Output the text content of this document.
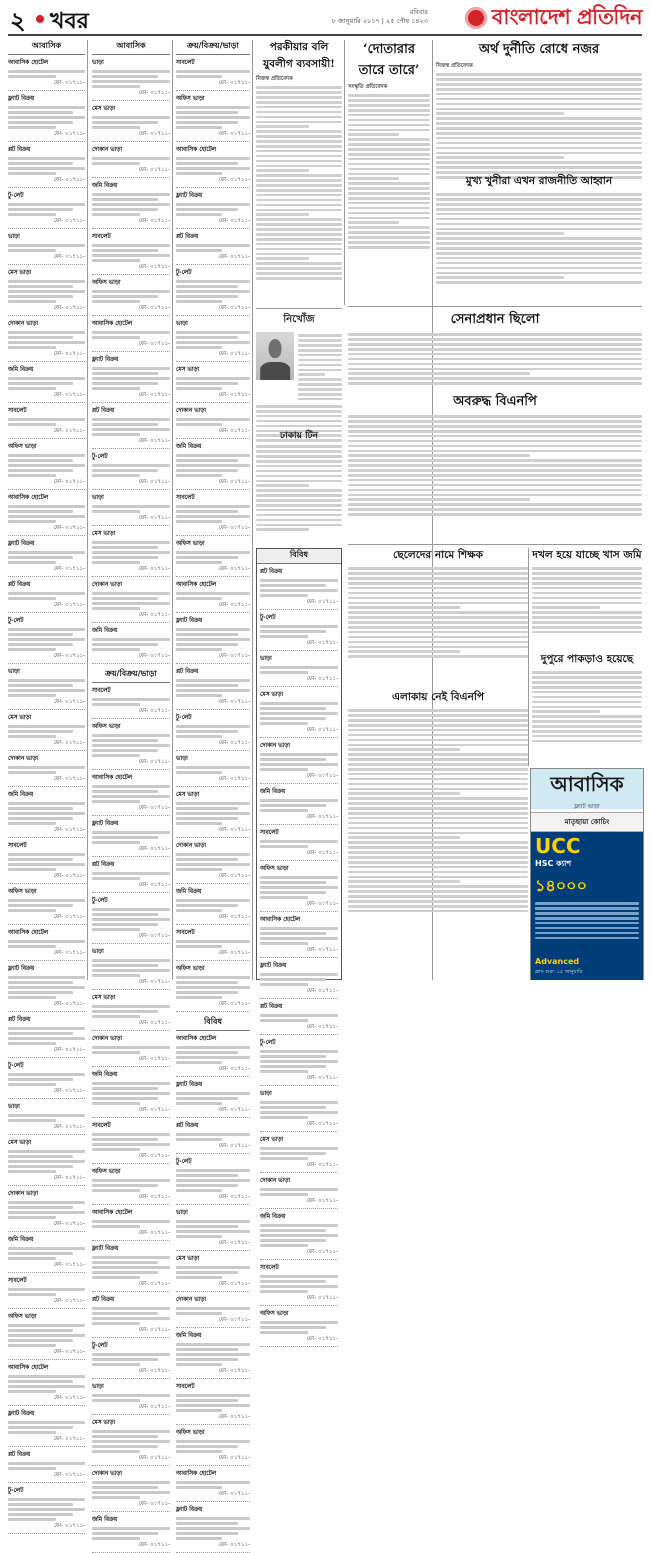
২ খবর	রবিবার
৮ জানুয়ারি ২০১৭ | ২৫ পৌষ ১৪২৩	বাংলাদেশ প্রতিদিন
আবাসিক
আবাসিক হোটেল
ফো- ০১৭১১-
ফ্ল্যাট বিক্রয়
ফো- ০১৭১১-
প্লট বিক্রয়
ফো- ০১৭১১-
টু-লেট
ফো- ০১৭১১-
ভাড়া
ফো- ০১৭১১-
মেস ভাড়া
ফো- ০১৭১১-
দোকান ভাড়া
ফো- ০১৭১১-
জমি বিক্রয়
ফো- ০১৭১১-
সাবলেট
ফো- ০১৭১১-
অফিস ভাড়া
ফো- ০১৭১১-
আবাসিক হোটেল
ফো- ০১৭১১-
ফ্ল্যাট বিক্রয়
ফো- ০১৭১১-
প্লট বিক্রয়
ফো- ০১৭১১-
টু-লেট
ফো- ০১৭১১-
ভাড়া
ফো- ০১৭১১-
মেস ভাড়া
ফো- ০১৭১১-
দোকান ভাড়া
ফো- ০১৭১১-
জমি বিক্রয়
ফো- ০১৭১১-
সাবলেট
ফো- ০১৭১১-
অফিস ভাড়া
ফো- ০১৭১১-
আবাসিক হোটেল
ফো- ০১৭১১-
ফ্ল্যাট বিক্রয়
ফো- ০১৭১১-
প্লট বিক্রয়
ফো- ০১৭১১-
টু-লেট
ফো- ০১৭১১-
ভাড়া
ফো- ০১৭১১-
মেস ভাড়া
ফো- ০১৭১১-
দোকান ভাড়া
ফো- ০১৭১১-
জমি বিক্রয়
ফো- ০১৭১১-
সাবলেট
ফো- ০১৭১১-
অফিস ভাড়া
ফো- ০১৭১১-
আবাসিক হোটেল
ফো- ০১৭১১-
ফ্ল্যাট বিক্রয়
ফো- ০১৭১১-
প্লট বিক্রয়
ফো- ০১৭১১-
টু-লেট
ফো- ০১৭১১-
আবাসিক
ভাড়া
ফো- ০১৭১১-
মেস ভাড়া
ফো- ০১৭১১-
দোকান ভাড়া
ফো- ০১৭১১-
জমি বিক্রয়
ফো- ০১৭১১-
সাবলেট
ফো- ০১৭১১-
অফিস ভাড়া
ফো- ০১৭১১-
আবাসিক হোটেল
ফো- ০১৭১১-
ফ্ল্যাট বিক্রয়
ফো- ০১৭১১-
প্লট বিক্রয়
ফো- ০১৭১১-
টু-লেট
ফো- ০১৭১১-
ভাড়া
ফো- ০১৭১১-
মেস ভাড়া
ফো- ০১৭১১-
দোকান ভাড়া
ফো- ০১৭১১-
জমি বিক্রয়
ফো- ০১৭১১-
ক্রয়/বিক্রয়/ভাড়া
সাবলেট
ফো- ০১৭১১-
অফিস ভাড়া
ফো- ০১৭১১-
আবাসিক হোটেল
ফো- ০১৭১১-
ফ্ল্যাট বিক্রয়
ফো- ০১৭১১-
প্লট বিক্রয়
ফো- ০১৭১১-
টু-লেট
ফো- ০১৭১১-
ভাড়া
ফো- ০১৭১১-
মেস ভাড়া
ফো- ০১৭১১-
দোকান ভাড়া
ফো- ০১৭১১-
জমি বিক্রয়
ফো- ০১৭১১-
সাবলেট
ফো- ০১৭১১-
অফিস ভাড়া
ফো- ০১৭১১-
আবাসিক হোটেল
ফো- ০১৭১১-
ফ্ল্যাট বিক্রয়
ফো- ০১৭১১-
প্লট বিক্রয়
ফো- ০১৭১১-
টু-লেট
ফো- ০১৭১১-
ভাড়া
ফো- ০১৭১১-
মেস ভাড়া
ফো- ০১৭১১-
দোকান ভাড়া
ফো- ০১৭১১-
জমি বিক্রয়
ফো- ০১৭১১-
ক্রয়/বিক্রয়/ভাড়া
সাবলেট
ফো- ০১৭১১-
অফিস ভাড়া
ফো- ০১৭১১-
আবাসিক হোটেল
ফো- ০১৭১১-
ফ্ল্যাট বিক্রয়
ফো- ০১৭১১-
প্লট বিক্রয়
ফো- ০১৭১১-
টু-লেট
ফো- ০১৭১১-
ভাড়া
ফো- ০১৭১১-
মেস ভাড়া
ফো- ০১৭১১-
দোকান ভাড়া
ফো- ০১৭১১-
জমি বিক্রয়
ফো- ০১৭১১-
সাবলেট
ফো- ০১৭১১-
অফিস ভাড়া
ফো- ০১৭১১-
আবাসিক হোটেল
ফো- ০১৭১১-
ফ্ল্যাট বিক্রয়
ফো- ০১৭১১-
প্লট বিক্রয়
ফো- ০১৭১১-
টু-লেট
ফো- ০১৭১১-
ভাড়া
ফো- ০১৭১১-
মেস ভাড়া
ফো- ০১৭১১-
দোকান ভাড়া
ফো- ০১৭১১-
জমি বিক্রয়
ফো- ০১৭১১-
সাবলেট
ফো- ০১৭১১-
অফিস ভাড়া
ফো- ০১৭১১-
বিবিধ
আবাসিক হোটেল
ফো- ০১৭১১-
ফ্ল্যাট বিক্রয়
ফো- ০১৭১১-
প্লট বিক্রয়
ফো- ০১৭১১-
টু-লেট
ফো- ০১৭১১-
ভাড়া
ফো- ০১৭১১-
মেস ভাড়া
ফো- ০১৭১১-
দোকান ভাড়া
ফো- ০১৭১১-
জমি বিক্রয়
ফো- ০১৭১১-
সাবলেট
ফো- ০১৭১১-
অফিস ভাড়া
ফো- ০১৭১১-
আবাসিক হোটেল
ফো- ০১৭১১-
ফ্ল্যাট বিক্রয়
ফো- ০১৭১১-
পরকীয়ার বলি যুবলীগ ব্যবসায়ী!
নিজস্ব প্রতিবেদক
নিখোঁজ
ঢাকায় টিন
বিবিধ
প্লট বিক্রয়
ফো- ০১৭১১-
টু-লেট
ফো- ০১৭১১-
ভাড়া
ফো- ০১৭১১-
মেস ভাড়া
ফো- ০১৭১১-
দোকান ভাড়া
ফো- ০১৭১১-
জমি বিক্রয়
ফো- ০১৭১১-
সাবলেট
ফো- ০১৭১১-
অফিস ভাড়া
ফো- ০১৭১১-
আবাসিক হোটেল
ফো- ০১৭১১-
ফ্ল্যাট বিক্রয়
ফো- ০১৭১১-
প্লট বিক্রয়
ফো- ০১৭১১-
টু-লেট
ফো- ০১৭১১-
ভাড়া
ফো- ০১৭১১-
মেস ভাড়া
ফো- ০১৭১১-
দোকান ভাড়া
ফো- ০১৭১১-
জমি বিক্রয়
ফো- ০১৭১১-
সাবলেট
ফো- ০১৭১১-
অফিস ভাড়া
ফো- ০১৭১১-
‘দোতারার তারে তারে’
সংস্কৃতি প্রতিবেদক
অর্থ দুর্নীতি রোধে নজর
নিজস্ব প্রতিবেদক
সেনাপ্রধান ছিলো
অবরুদ্ধ বিএনপি
ছেলেদের নামে শিক্ষক
এলাকায় নেই বিএনপি
দখল হয়ে যাচ্ছে খাস জমি
দুপুরে পাকড়াও হয়েছে
মুখ্য খুনীরা এখন রাজনীতি আহ্বান
আবাসিক
ফ্ল্যাট ভাড়া
মাতৃছায়া কোচিং
UCC
HSC ক্যাশ
১৪০০০
Advanced
ক্লাস শুরু: ১৫ জানুয়ারি
